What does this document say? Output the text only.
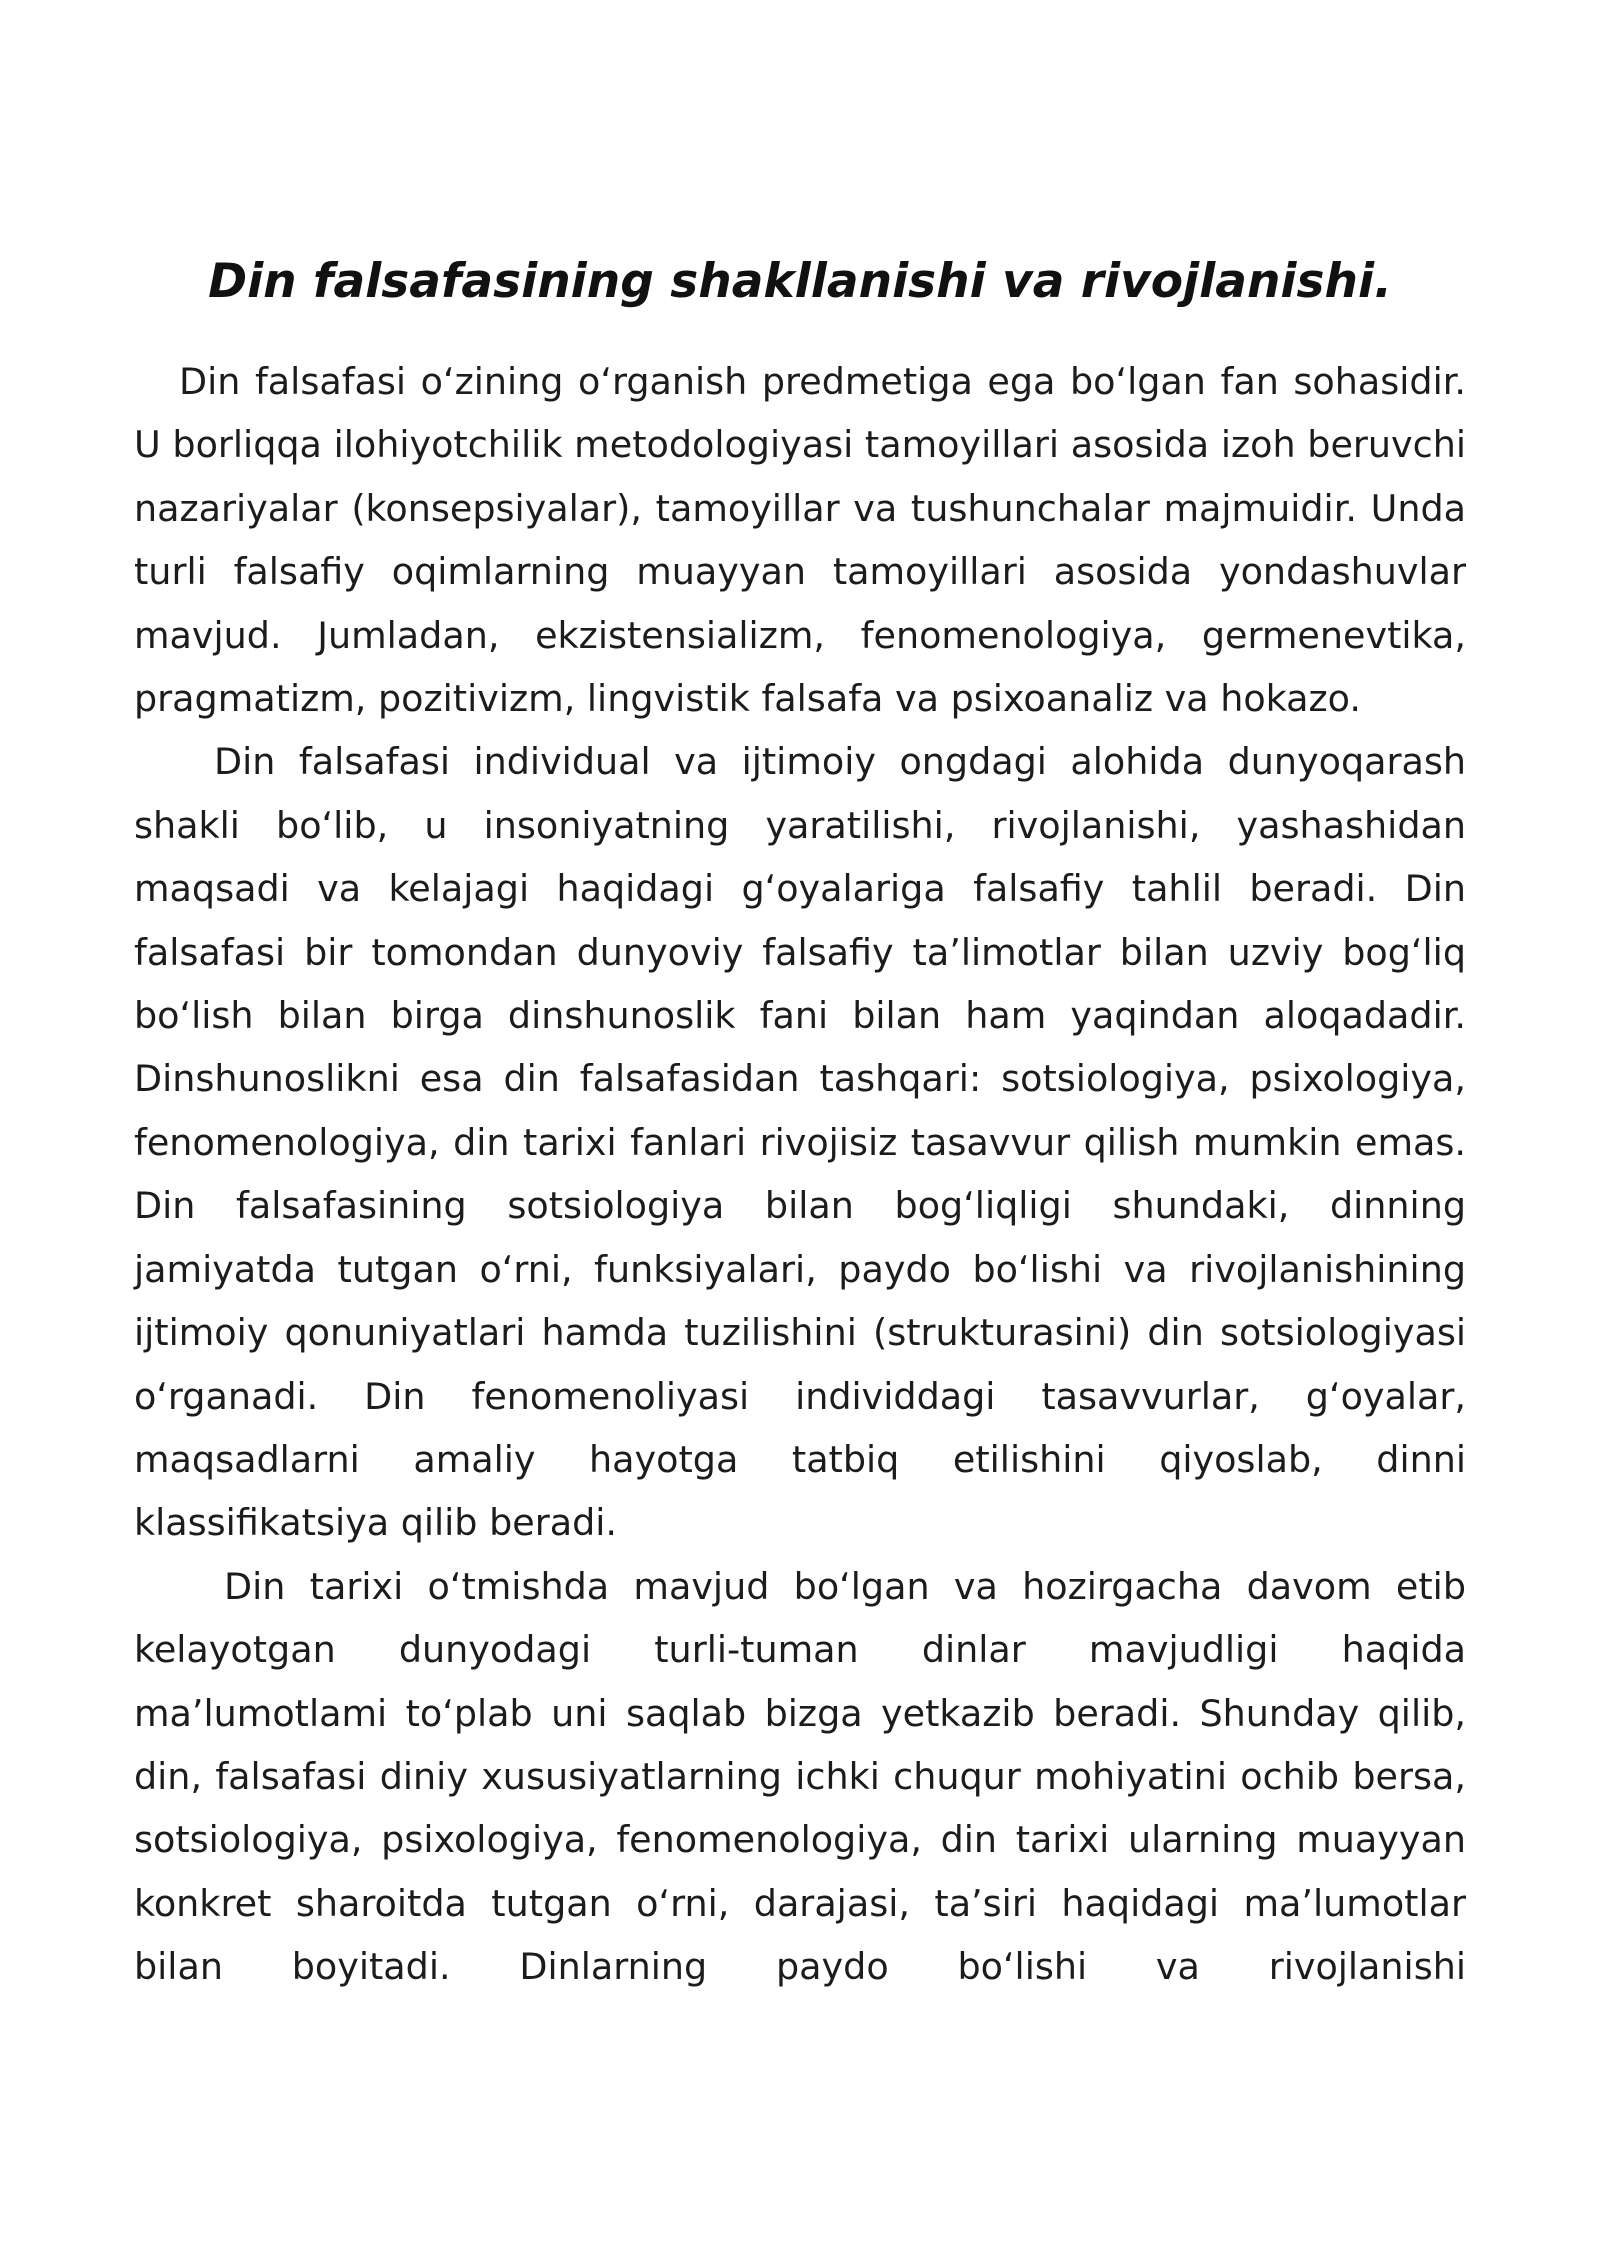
Din falsafasining shakllanishi va rivojlanishi.

Din falsafasi oʻzining oʻrganish predmetiga ega boʻlgan fan sohasidir. U borliqqa ilohiyotchilik metodologiyasi tamoyillari asosida izoh beruvchi nazariyalar (konsepsiyalar), tamoyillar va tushunchalar majmuidir. Unda turli falsafiy oqimlarning muayyan tamoyillari asosida yondashuvlar mavjud. Jumladan, ekzistensializm, fenomenologiya, germenevtika, pragmatizm, pozitivizm, lingvistik falsafa va psixoanaliz va hokazo.

Din falsafasi individual va ijtimoiy ongdagi alohida dunyoqarash shakli boʻlib, u insoniyatning yaratilishi, rivojlanishi, yashashidan maqsadi va kelajagi haqidagi gʻoyalariga falsafiy tahlil beradi. Din falsafasi bir tomondan dunyoviy falsafiy taʼlimotlar bilan uzviy bogʻliq boʻlish bilan birga dinshunoslik fani bilan ham yaqindan aloqadadir. Dinshunoslikni esa din falsafasidan tashqari: sotsiologiya, psixologiya, fenomenologiya, din tarixi fanlari rivojisiz tasavvur qilish mumkin emas. Din falsafasining sotsiologiya bilan bogʻliqligi shundaki, dinning jamiyatda tutgan oʻrni, funksiyalari, paydo boʻlishi va rivojlanishining ijtimoiy qonuniyatlari hamda tuzilishini (strukturasini) din sotsiologiyasi oʻrganadi. Din fenomenoliyasi individdagi tasavvurlar, gʻoyalar, maqsadlarni amaliy hayotga tatbiq etilishini qiyoslab, dinni klassifikatsiya qilib beradi.

Din tarixi oʻtmishda mavjud boʻlgan va hozirgacha davom etib kelayotgan dunyodagi turli-tuman dinlar mavjudligi haqida maʼlumotlami toʻplab uni saqlab bizga yetkazib beradi. Shunday qilib, din, falsafasi diniy xususiyatlarning ichki chuqur mohiyatini ochib bersa, sotsiologiya, psixologiya, fenomenologiya, din tarixi ularning muayyan konkret sharoitda tutgan oʻrni, darajasi, taʼsiri haqidagi maʼlumotlar bilan boyitadi. Dinlarning paydo boʻlishi va rivojlanishi
